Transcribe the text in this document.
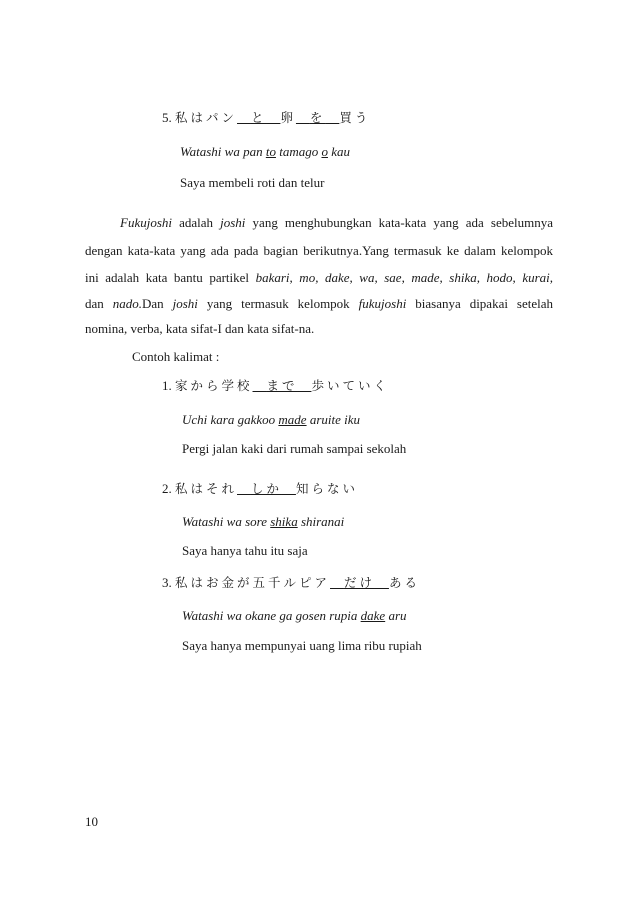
5. 私はパン と 卵 を 買う
Watashi wa pan to tamago o kau
Saya membeli roti dan telur
Fukujoshi adalah joshi yang menghubungkan kata-kata yang ada sebelumnya
dengan kata-kata yang ada pada bagian berikutnya.Yang termasuk ke dalam kelompok
ini adalah kata bantu partikel bakari, mo, dake, wa, sae, made, shika, hodo, kurai,
dan nado.Dan joshi yang termasuk kelompok fukujoshi biasanya dipakai setelah
nomina, verba, kata sifat-I dan kata sifat-na.
Contoh kalimat :
1. 家から学校 まで 歩いていく
Uchi kara gakkoo made aruite iku
Pergi jalan kaki dari rumah sampai sekolah
2. 私はそれ しか 知らない
Watashi wa sore shika shiranai
Saya hanya tahu itu saja
3. 私はお金が五千ルピア だけ ある
Watashi wa okane ga gosen rupia dake aru
Saya hanya mempunyai uang lima ribu rupiah
10
